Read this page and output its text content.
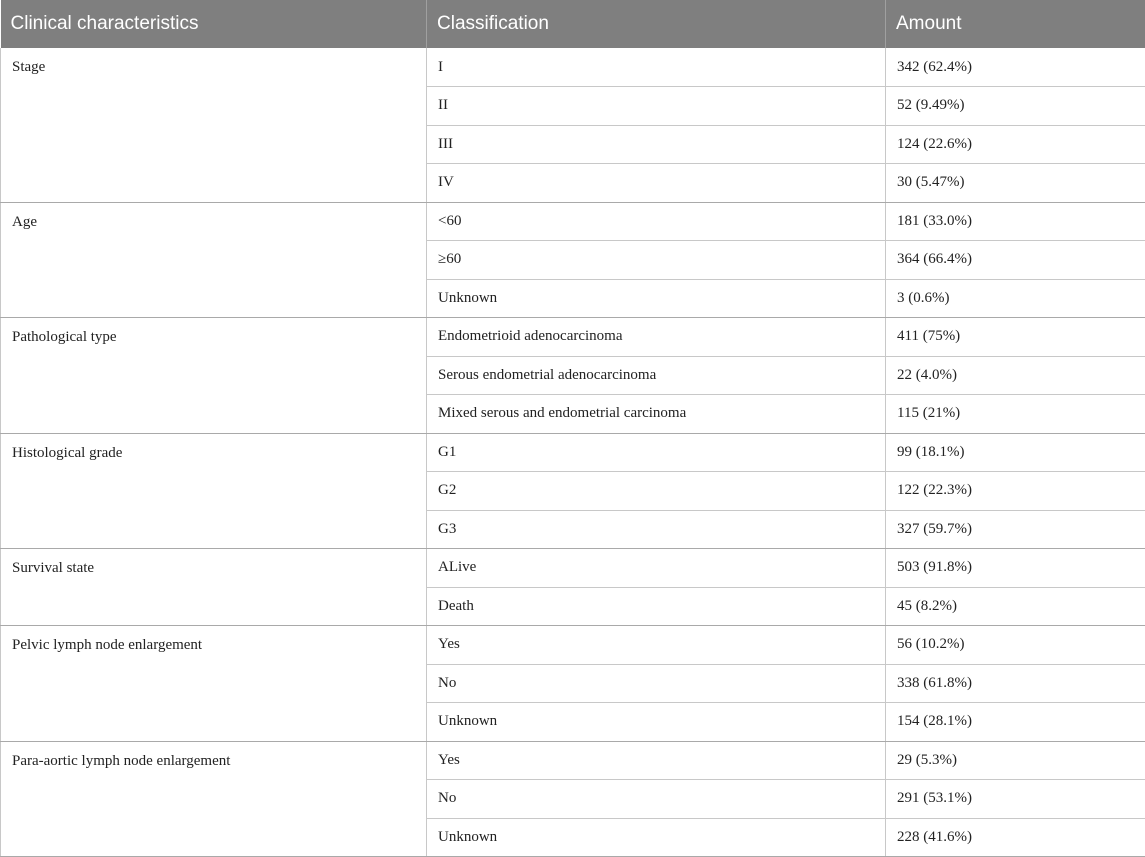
Clinical characteristics	Classification	Amount
Stage	I	342 (62.4%)
	II	52 (9.49%)
	III	124 (22.6%)
	IV	30 (5.47%)
Age	<60	181 (33.0%)
	≥60	364 (66.4%)
	Unknown	3 (0.6%)
Pathological type	Endometrioid adenocarcinoma	411 (75%)
	Serous endometrial adenocarcinoma	22 (4.0%)
	Mixed serous and endometrial carcinoma	115 (21%)
Histological grade	G1	99 (18.1%)
	G2	122 (22.3%)
	G3	327 (59.7%)
Survival state	ALive	503 (91.8%)
	Death	45 (8.2%)
Pelvic lymph node enlargement	Yes	56 (10.2%)
	No	338 (61.8%)
	Unknown	154 (28.1%)
Para-aortic lymph node enlargement	Yes	29 (5.3%)
	No	291 (53.1%)
	Unknown	228 (41.6%)
